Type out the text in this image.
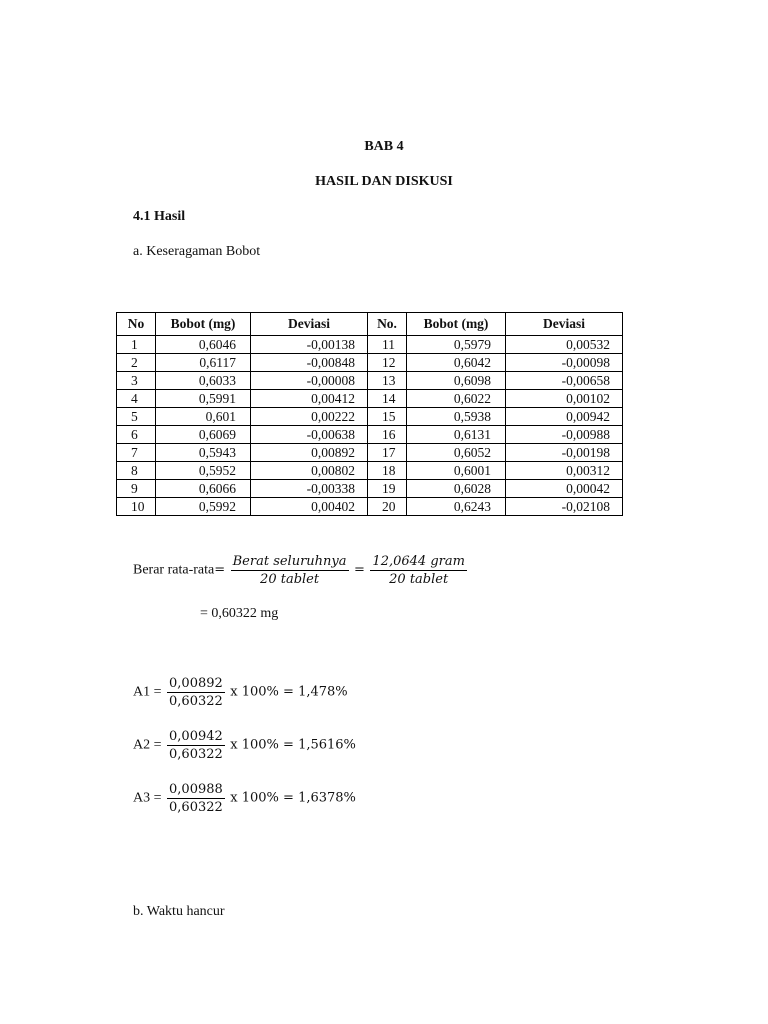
BAB 4
HASIL DAN DISKUSI
4.1 Hasil
a. Keseragaman Bobot
No	Bobot (mg)	Deviasi	No.	Bobot (mg)	Deviasi
1	0,6046	-0,00138	11	0,5979	0,00532
2	0,6117	-0,00848	12	0,6042	-0,00098
3	0,6033	-0,00008	13	0,6098	-0,00658
4	0,5991	0,00412	14	0,6022	0,00102
5	0,601	0,00222	15	0,5938	0,00942
6	0,6069	-0,00638	16	0,6131	-0,00988
7	0,5943	0,00892	17	0,6052	-0,00198
8	0,5952	0,00802	18	0,6001	0,00312
9	0,6066	-0,00338	19	0,6028	0,00042
10	0,5992	0,00402	20	0,6243	-0,02108
Berar rata-rata= $\frac{\text{Berat seluruhnya}}{\text{20 tablet}} = \frac{\text{12,0644 gram}}{\text{20 tablet}}$
= 0,60322 mg
$A1 = \frac{0,00892}{0,60322}$ x 100% = 1,478%
$A2 = \frac{0,00942}{0,60322}$ x 100% = 1,5616%
$A3 = \frac{0,00988}{0,60322}$ x 100% = 1,6378%
b. Waktu hancur
